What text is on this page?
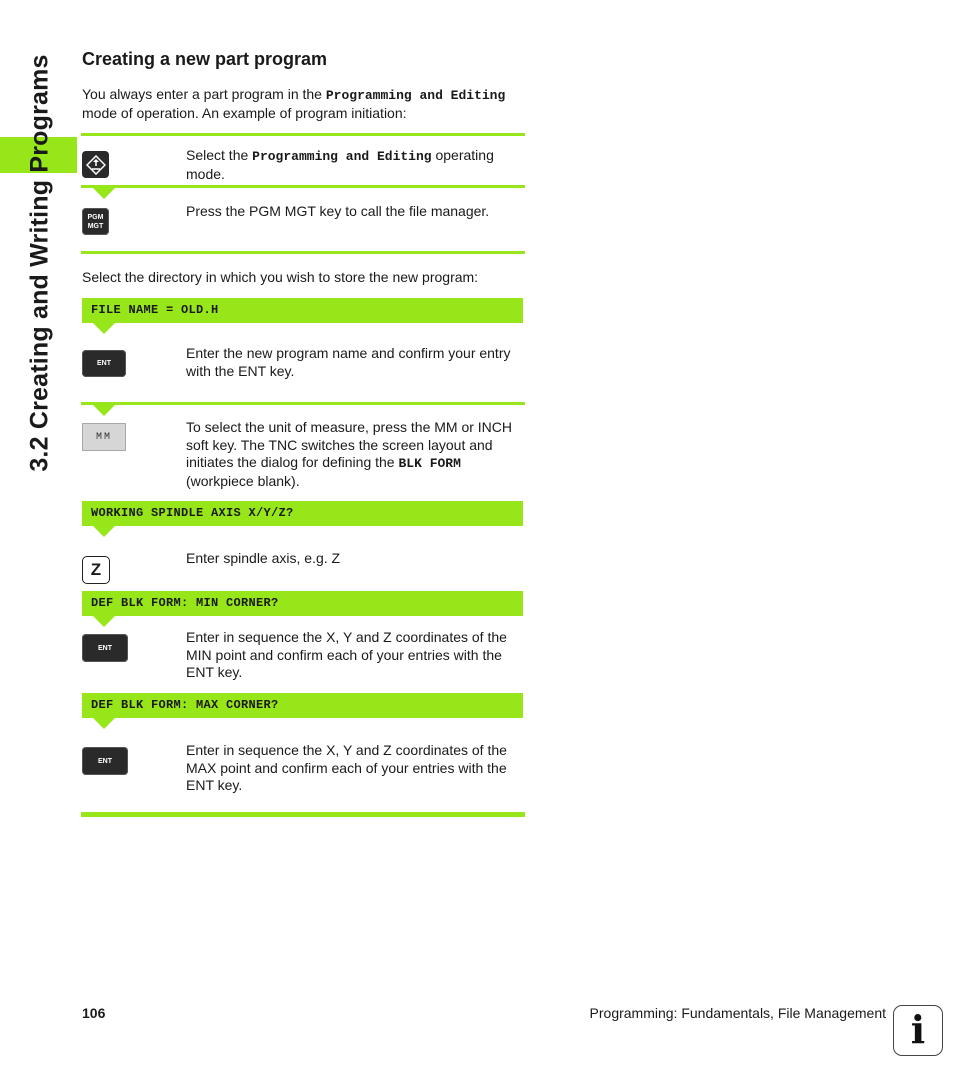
3.2 Creating and Writing Programs Creating a new part program
You always enter a part program in the Programming and Editing
mode of operation. An example of program initiation:
Select the Programming and Editing operating mode.
PGM MGT
Press the PGM MGT key to call the file manager.
Select the directory in which you wish to store the new program:
FILE NAME = OLD.H
ENT
Enter the new program name and confirm your entry with the ENT key.
MM
To select the unit of measure, press the MM or INCH soft key. The TNC switches the screen layout and initiates the dialog for defining the BLK FORM
(workpiece blank).
WORKING SPINDLE AXIS X/Y/Z?
Z
Enter spindle axis, e.g. Z
DEF BLK FORM: MIN CORNER?
ENT
Enter in sequence the X, Y and Z coordinates of the MIN point and confirm each of your entries with the ENT key.
DEF BLK FORM: MAX CORNER?
ENT
Enter in sequence the X, Y and Z coordinates of the MAX point and confirm each of your entries with the ENT key.
106	Programming: Fundamentals, File Management i
